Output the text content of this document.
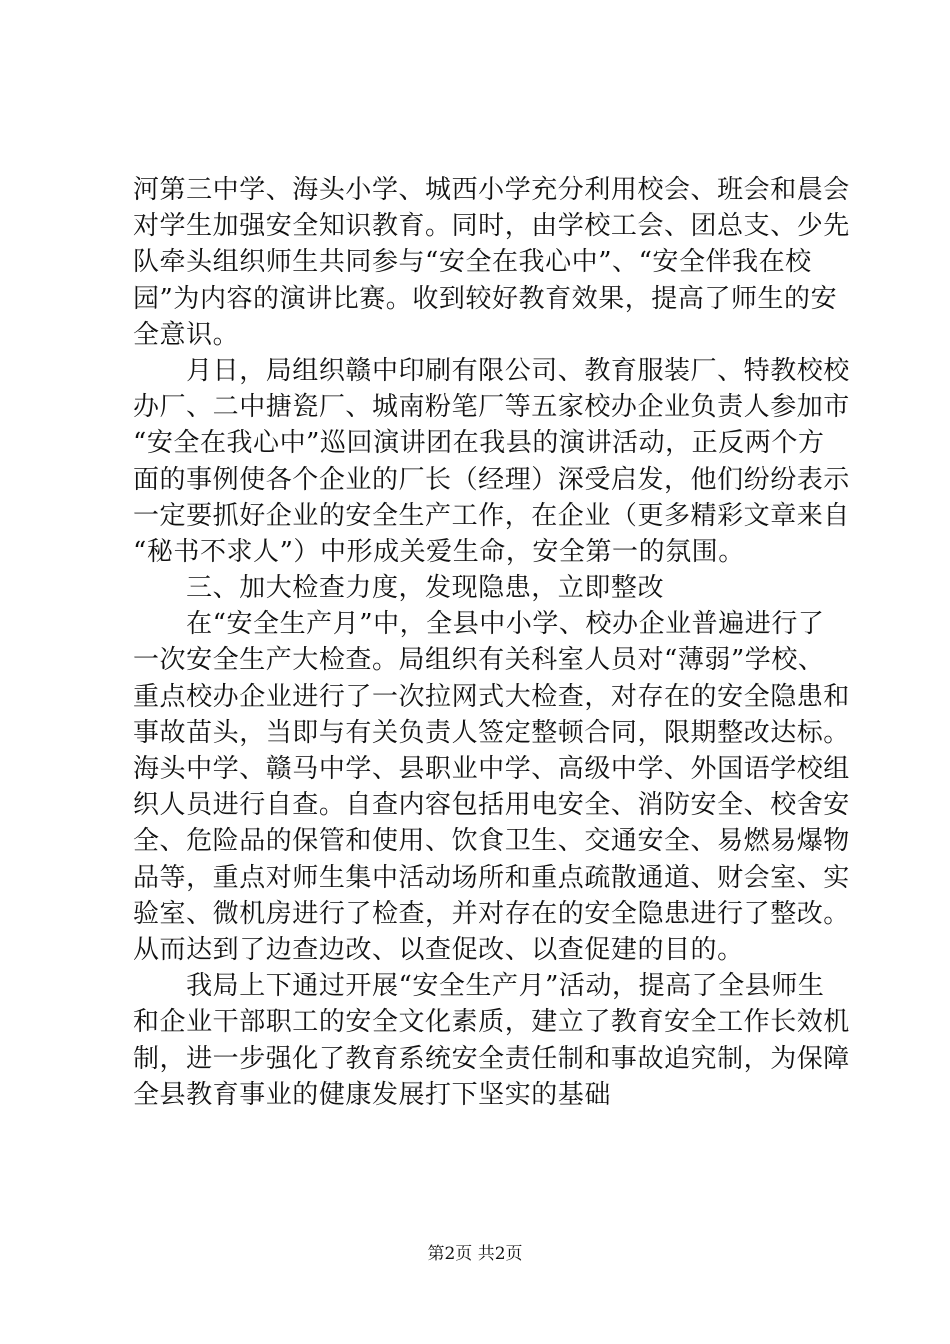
河第三中学、海头小学、城西小学充分利用校会、班会和晨会
对学生加强安全知识教育。同时，由学校工会、团总支、少先
队牵头组织师生共同参与“安全在我心中”、“安全伴我在校
园”为内容的演讲比赛。收到较好教育效果，提高了师生的安
全意识。
　　月日，局组织赣中印刷有限公司、教育服装厂、特教校校
办厂、二中搪瓷厂、城南粉笔厂等五家校办企业负责人参加市
“安全在我心中”巡回演讲团在我县的演讲活动，正反两个方
面的事例使各个企业的厂长（经理）深受启发，他们纷纷表示
一定要抓好企业的安全生产工作，在企业（更多精彩文章来自
“秘书不求人”）中形成关爱生命，安全第一的氛围。
　　三、加大检查力度，发现隐患，立即整改
　　在“安全生产月”中，全县中小学、校办企业普遍进行了
一次安全生产大检查。局组织有关科室人员对“薄弱”学校、
重点校办企业进行了一次拉网式大检查，对存在的安全隐患和
事故苗头，当即与有关负责人签定整顿合同，限期整改达标。
海头中学、赣马中学、县职业中学、高级中学、外国语学校组
织人员进行自查。自查内容包括用电安全、消防安全、校舍安
全、危险品的保管和使用、饮食卫生、交通安全、易燃易爆物
品等，重点对师生集中活动场所和重点疏散通道、财会室、实
验室、微机房进行了检查，并对存在的安全隐患进行了整改。
从而达到了边查边改、以查促改、以查促建的目的。
　　我局上下通过开展“安全生产月”活动，提高了全县师生
和企业干部职工的安全文化素质，建立了教育安全工作长效机
制，进一步强化了教育系统安全责任制和事故追究制，为保障
全县教育事业的健康发展打下坚实的基础
第2页 共2页
